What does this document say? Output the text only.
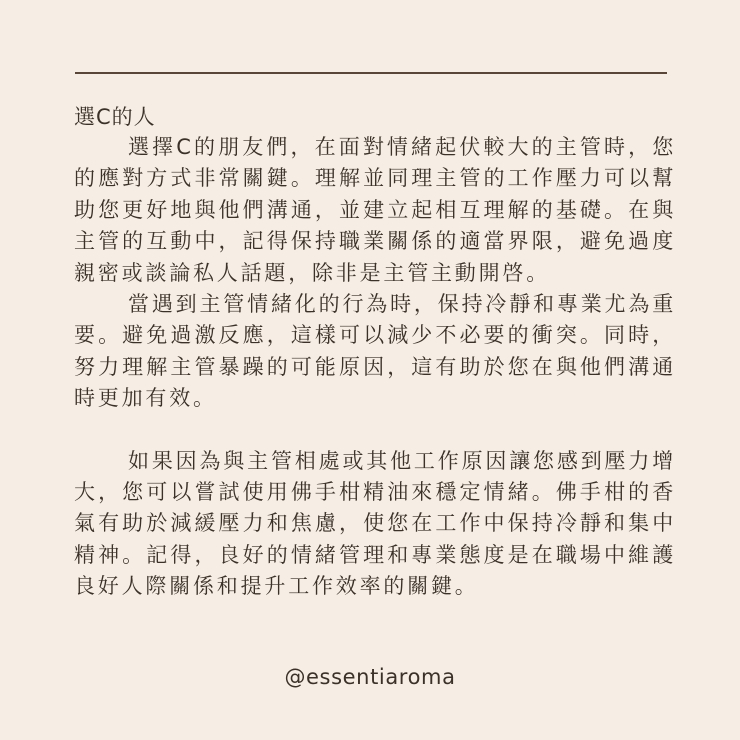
選C的人

選擇C的朋友們，在面對情緒起伏較大的主管時，您的應對方式非常關鍵。理解並同理主管的工作壓力可以幫助您更好地與他們溝通，並建立起相互理解的基礎。在與主管的互動中，記得保持職業關係的適當界限，避免過度親密或談論私人話題，除非是主管主動開啓。

當遇到主管情緒化的行為時，保持冷靜和專業尤為重要。避免過激反應，這樣可以減少不必要的衝突。同時，努力理解主管暴躁的可能原因，這有助於您在與他們溝通時更加有效。

如果因為與主管相處或其他工作原因讓您感到壓力增大，您可以嘗試使用佛手柑精油來穩定情緒。佛手柑的香氣有助於減緩壓力和焦慮，使您在工作中保持冷靜和集中精神。記得，良好的情緒管理和專業態度是在職場中維護良好人際關係和提升工作效率的關鍵。

@essentiaroma
